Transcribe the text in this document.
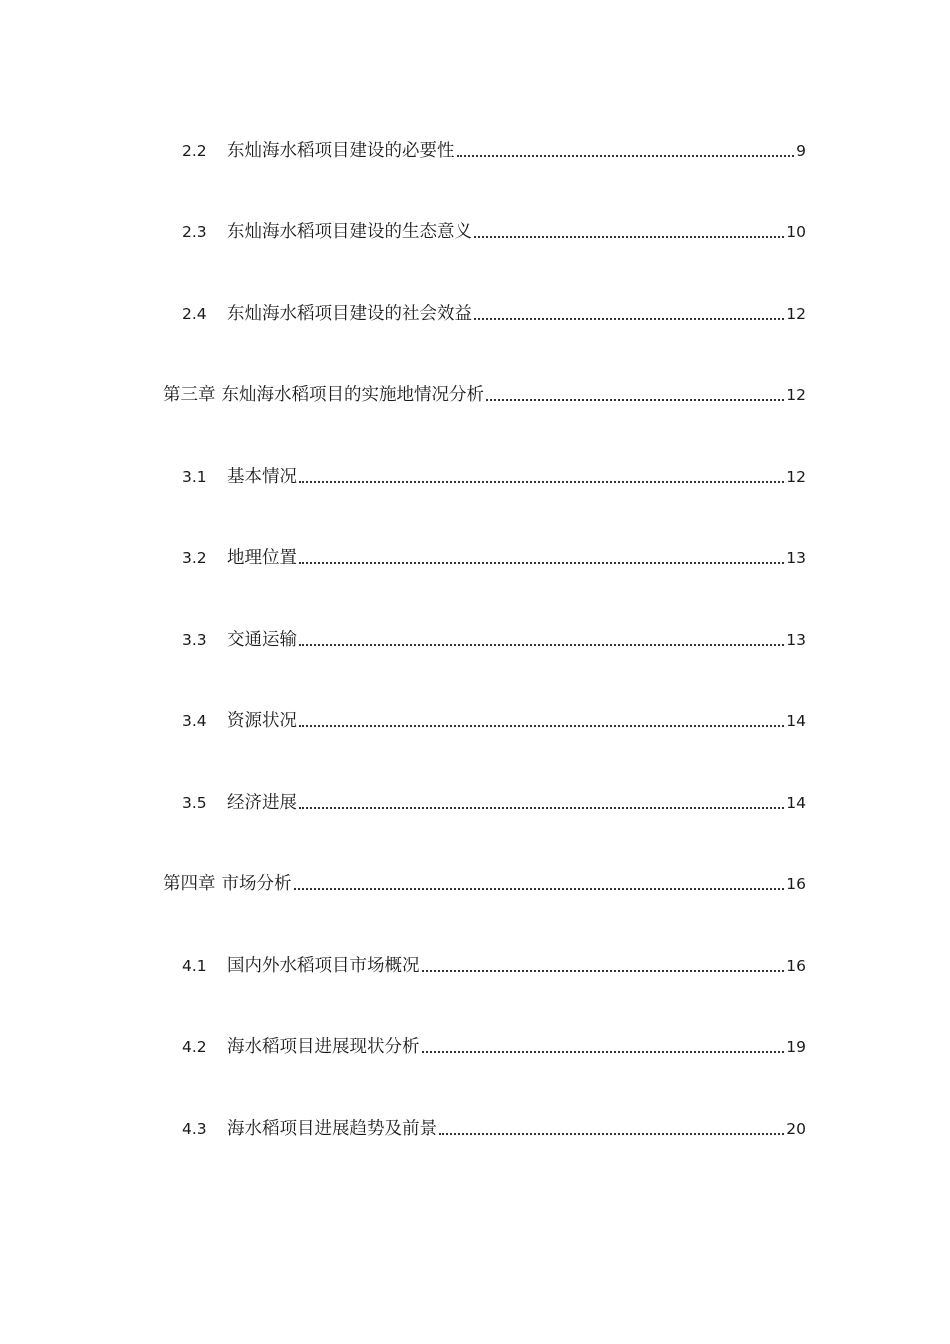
2.2	东灿海水稻项目建设的必要性	9
2.3	东灿海水稻项目建设的生态意义	10
2.4	东灿海水稻项目建设的社会效益	12
第三章 东灿海水稻项目的实施地情况分析	12
3.1	基本情况	12
3.2	地理位置	13
3.3	交通运输	13
3.4	资源状况	14
3.5	经济进展	14
第四章 市场分析	16
4.1	国内外水稻项目市场概况	16
4.2	海水稻项目进展现状分析	19
4.3	海水稻项目进展趋势及前景	20
